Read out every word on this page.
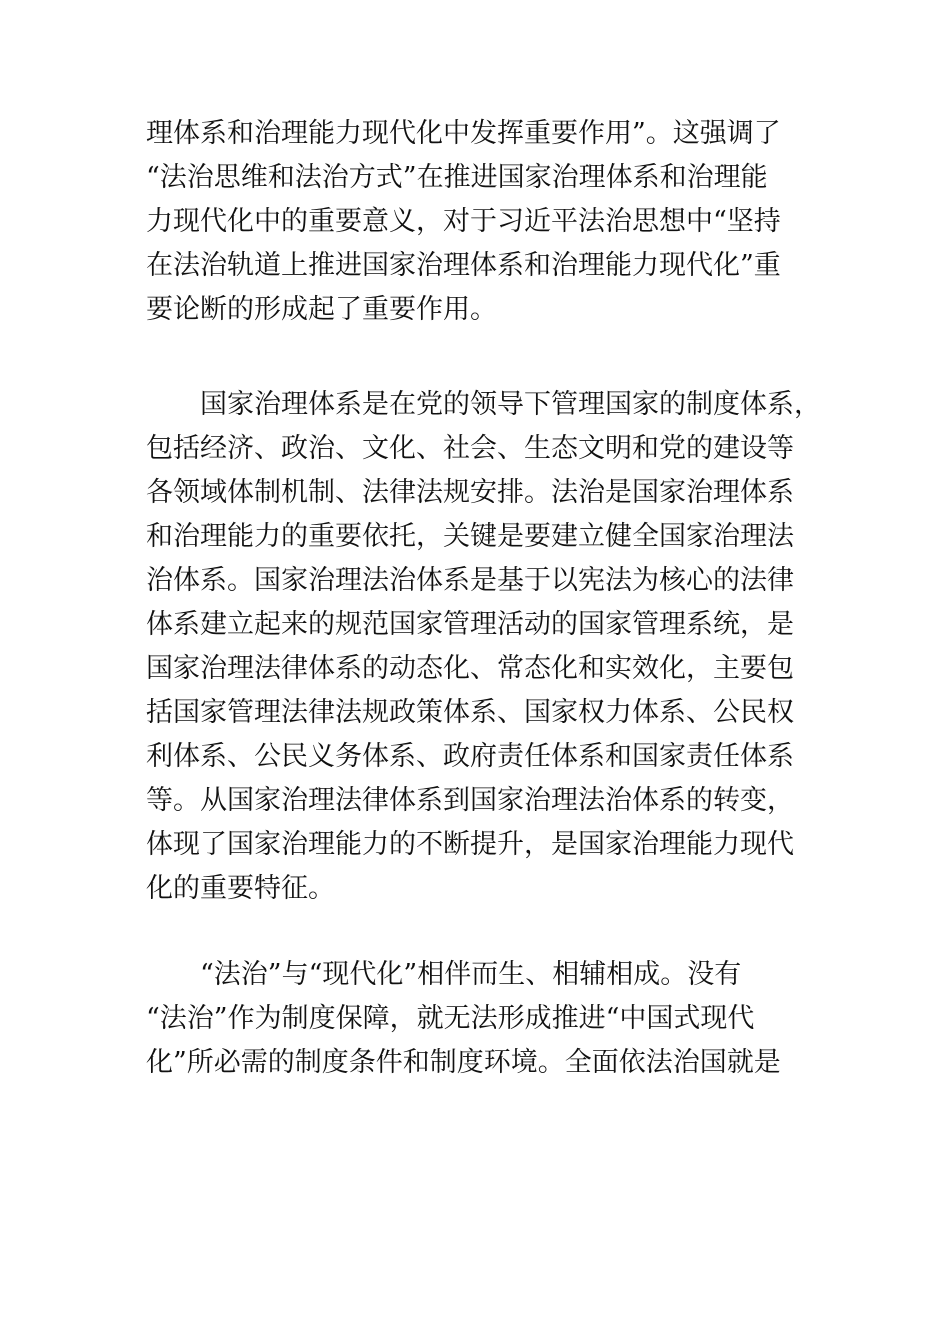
理体系和治理能力现代化中发挥重要作用”。这强调了
“法治思维和法治方式”在推进国家治理体系和治理能
力现代化中的重要意义，对于习近平法治思想中“坚持
在法治轨道上推进国家治理体系和治理能力现代化”重
要论断的形成起了重要作用。

　　国家治理体系是在党的领导下管理国家的制度体系，
包括经济、政治、文化、社会、生态文明和党的建设等
各领域体制机制、法律法规安排。法治是国家治理体系
和治理能力的重要依托，关键是要建立健全国家治理法
治体系。国家治理法治体系是基于以宪法为核心的法律
体系建立起来的规范国家管理活动的国家管理系统，是
国家治理法律体系的动态化、常态化和实效化，主要包
括国家管理法律法规政策体系、国家权力体系、公民权
利体系、公民义务体系、政府责任体系和国家责任体系
等。从国家治理法律体系到国家治理法治体系的转变，
体现了国家治理能力的不断提升，是国家治理能力现代
化的重要特征。

　　“法治”与“现代化”相伴而生、相辅相成。没有
“法治”作为制度保障，就无法形成推进“中国式现代
化”所必需的制度条件和制度环境。全面依法治国就是
